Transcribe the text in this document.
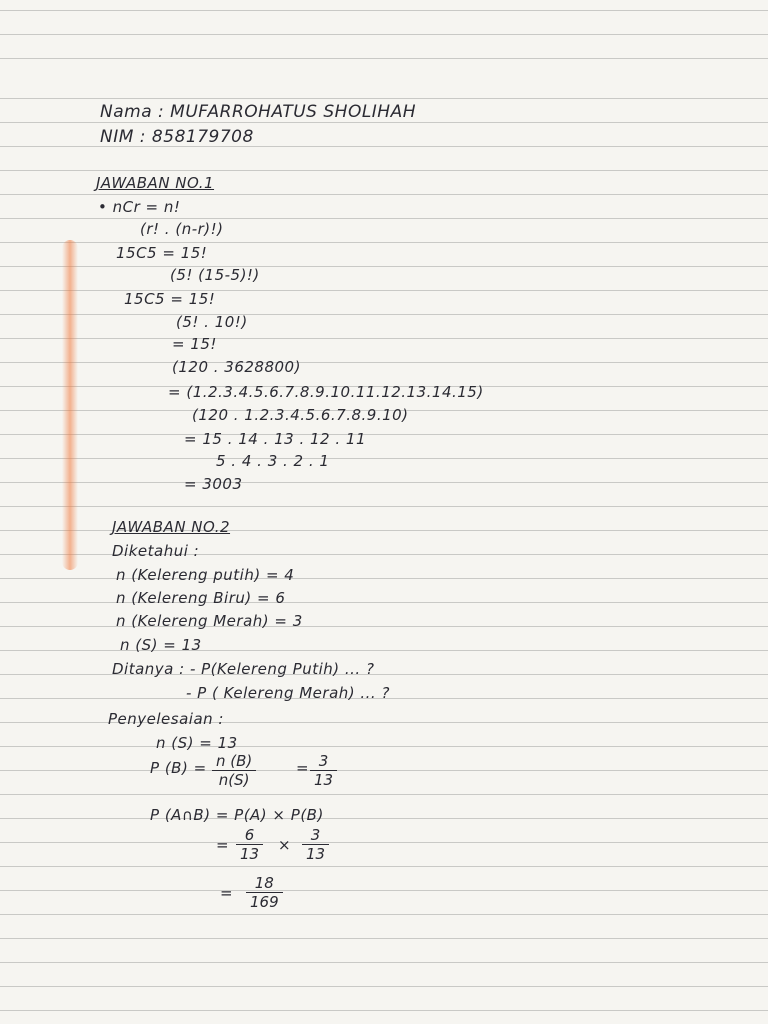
Nama : MUFARROHATUS SHOLIHAH
NIM : 858179708
JAWABAN NO.1
• nCr = n!
(r! . (n-r)!)
15C5 = 15!
(5! (15-5)!)
15C5 = 15!
(5! . 10!)
= 15!
(120 . 3628800)
= (1.2.3.4.5.6.7.8.9.10.11.12.13.14.15)
(120 . 1.2.3.4.5.6.7.8.9.10)
= 15 . 14 . 13 . 12 . 11
5 . 4 . 3 . 2 . 1
= 3003
JAWABAN NO.2
Diketahui :
n (Kelereng putih) = 4
n (Kelereng Biru) = 6
n (Kelereng Merah) = 3
n (S) = 13
Ditanya : - P(Kelereng Putih) ... ?
- P ( Kelereng Merah) ... ?
Penyelesaian :
n (S) = 13
P $(B) = \frac{n (B)}{n(S)}$	= $\frac{3}{13}$
P (A∩B) = P(A) × P(B)
= $\frac{6}{13} \times \frac{3}{13}$
= $\frac{18}{169}$
